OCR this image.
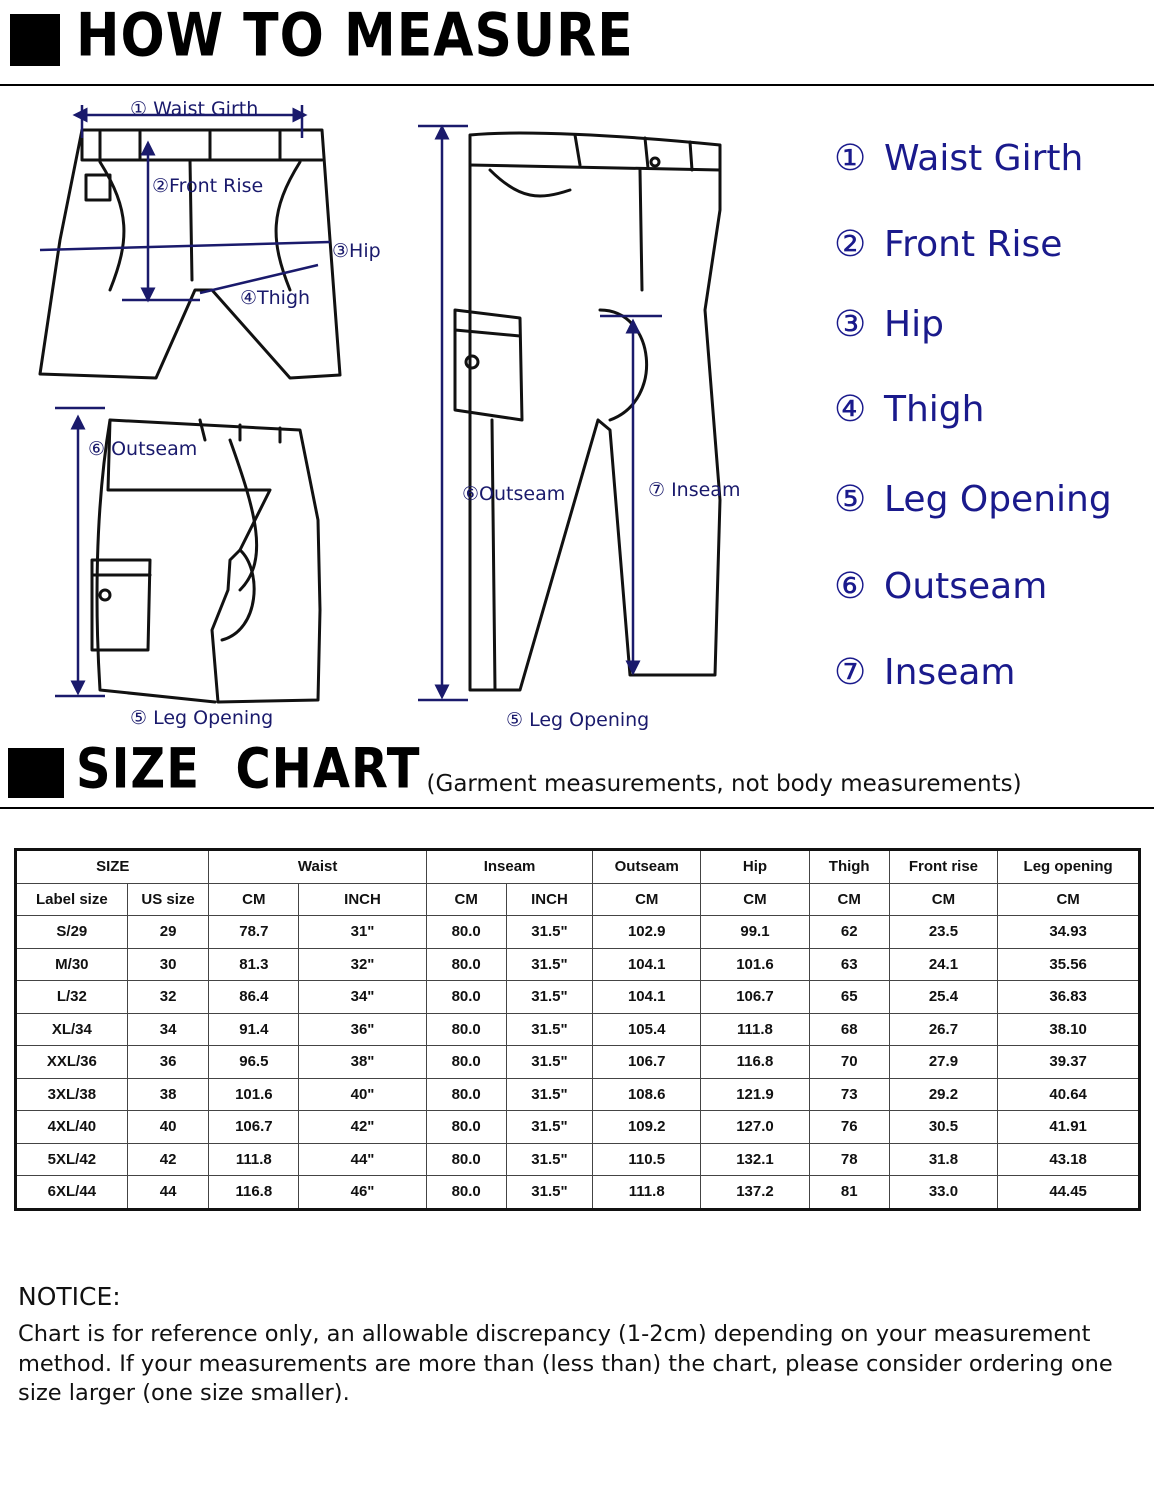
HOW TO MEASURE
① Waist Girth
②Front Rise
③Hip
④Thigh
⑥ Outseam
⑤ Leg Opening
⑥Outseam	⑦ Inseam
⑤ Leg Opening
① Waist Girth
② Front Rise
③ Hip
④ Thigh
⑤ Leg Opening
⑥ Outseam
⑦ Inseam
SIZE  CHART (Garment measurements, not body measurements)
SIZE		Waist		Inseam		Outseam	Hip	Thigh	Front rise	Leg opening
Label size	US size	CM	INCH	CM	INCH	CM	CM	CM	CM	CM
S/29	29	78.7	31"	80.0	31.5"	102.9	99.1	62	23.5	34.93
M/30	30	81.3	32"	80.0	31.5"	104.1	101.6	63	24.1	35.56
L/32	32	86.4	34"	80.0	31.5"	104.1	106.7	65	25.4	36.83
XL/34	34	91.4	36"	80.0	31.5"	105.4	111.8	68	26.7	38.10
XXL/36	36	96.5	38"	80.0	31.5"	106.7	116.8	70	27.9	39.37
3XL/38	38	101.6	40"	80.0	31.5"	108.6	121.9	73	29.2	40.64
4XL/40	40	106.7	42"	80.0	31.5"	109.2	127.0	76	30.5	41.91
5XL/42	42	111.8	44"	80.0	31.5"	110.5	132.1	78	31.8	43.18
6XL/44	44	116.8	46"	80.0	31.5"	111.8	137.2	81	33.0	44.45
NOTICE:
Chart is for reference only, an allowable discrepancy (1-2cm) depending on your measurement method. If your measurements are more than (less than) the chart, please consider ordering one size larger (one size smaller).
